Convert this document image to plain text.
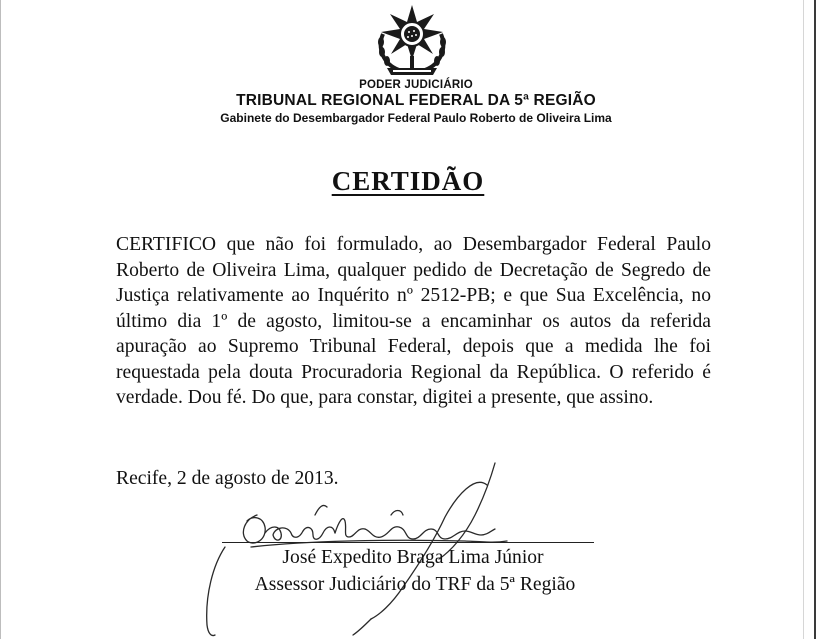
PODER JUDICIÁRIO
TRIBUNAL REGIONAL FEDERAL DA 5ª REGIÃO
Gabinete do Desembargador Federal Paulo Roberto de Oliveira Lima
CERTIDÃO

CERTIFICO que não foi formulado, ao Desembargador Federal Paulo Roberto de Oliveira Lima, qualquer pedido de Decretação de Segredo de Justiça relativamente ao Inquérito nº 2512-PB; e que Sua Excelência, no último dia 1º de agosto, limitou-se a encaminhar os autos da referida apuração ao Supremo Tribunal Federal, depois que a medida lhe foi requestada pela douta Procuradoria Regional da República. O referido é verdade. Dou fé. Do que, para constar, digitei a presente, que assino.

Recife, 2 de agosto de 2013.

José Expedito Braga Lima Júnior
Assessor Judiciário do TRF da 5ª Região
